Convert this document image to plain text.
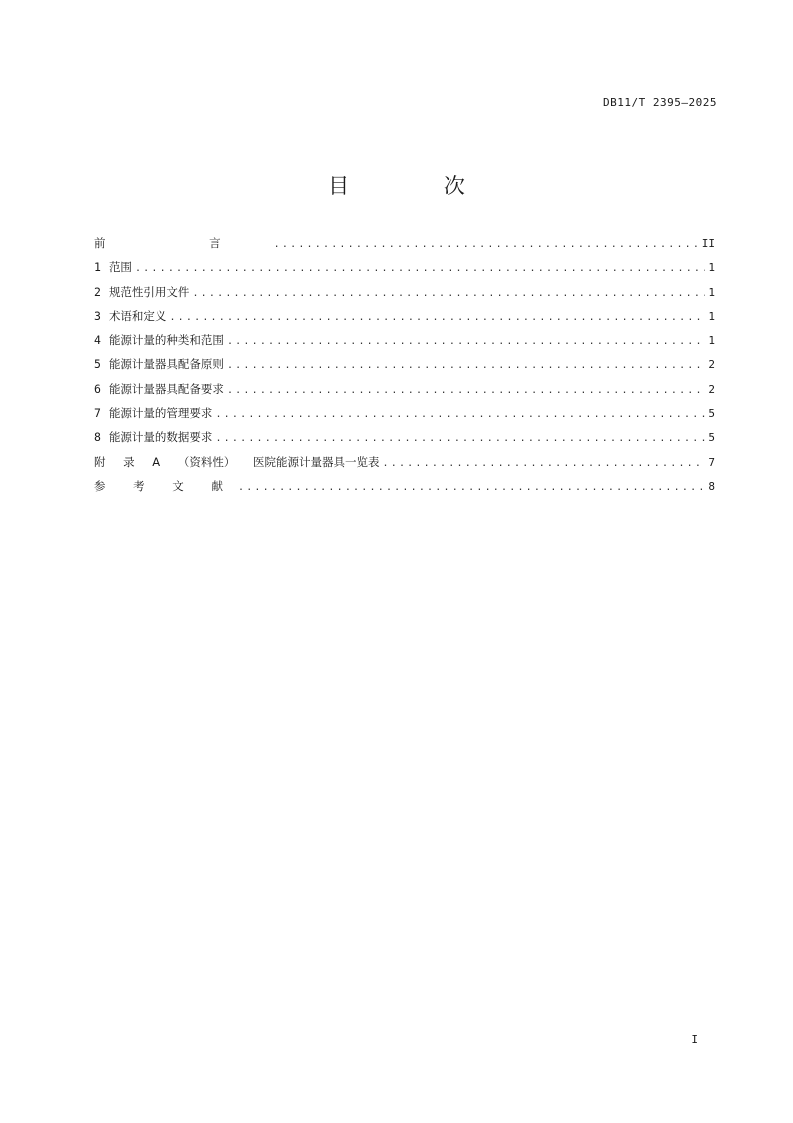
DB11/T 2395—2025
目 次
前 言 .....	II
1 范围 .....	1
2 规范性引用文件 .....	1
3 术语和定义 .....	1
4 能源计量的种类和范围 .....	1
5 能源计量器具配备原则 .....	2
6 能源计量器具配备要求 .....	2
7 能源计量的管理要求 .....	5
8 能源计量的数据要求 .....	5
附 录 A （资料性） 医院能源计量器具一览表 .....	7
参 考 文 献 .....	8
I
